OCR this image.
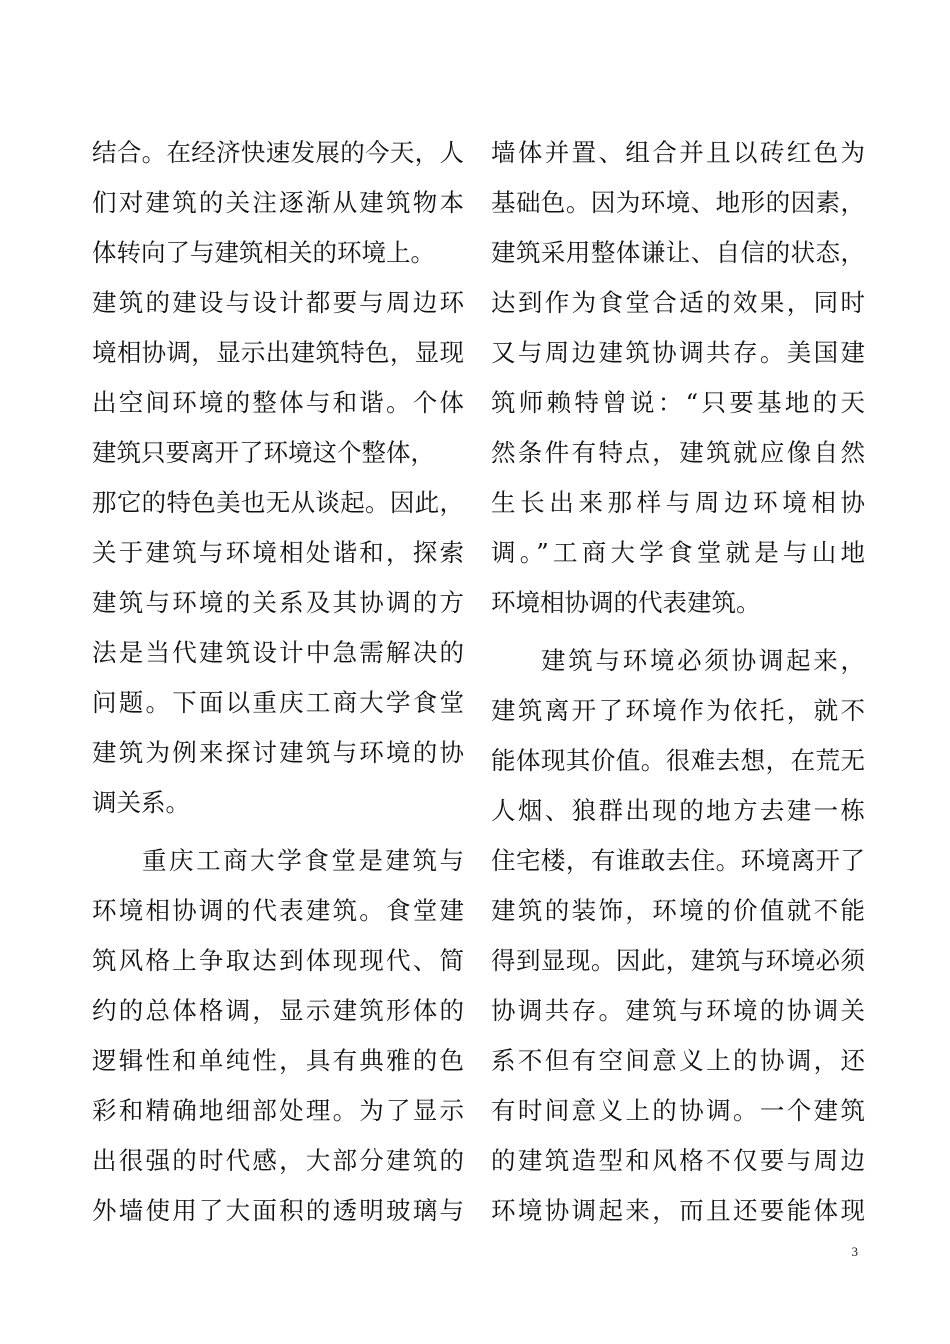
结合。在经济快速发展的今天，人
们对建筑的关注逐渐从建筑物本
体转向了与建筑相关的环境上。
建筑的建设与设计都要与周边环
境相协调，显示出建筑特色，显现
出空间环境的整体与和谐。个体
建筑只要离开了环境这个整体，
那它的特色美也无从谈起。因此，
关于建筑与环境相处谐和，探索
建筑与环境的关系及其协调的方
法是当代建筑设计中急需解决的
问题。下面以重庆工商大学食堂
建筑为例来探讨建筑与环境的协
调关系。
重庆工商大学食堂是建筑与
环境相协调的代表建筑。食堂建
筑风格上争取达到体现现代、简
约的总体格调，显示建筑形体的
逻辑性和单纯性，具有典雅的色
彩和精确地细部处理。为了显示
出很强的时代感，大部分建筑的
外墙使用了大面积的透明玻璃与
墙体并置、组合并且以砖红色为
基础色。因为环境、地形的因素，
建筑采用整体谦让、自信的状态，
达到作为食堂合适的效果，同时
又与周边建筑协调共存。美国建
筑师赖特曾说：“只要基地的天
然条件有特点，建筑就应像自然
生长出来那样与周边环境相协
调。”工商大学食堂就是与山地
环境相协调的代表建筑。
建筑与环境必须协调起来，
建筑离开了环境作为依托，就不
能体现其价值。很难去想，在荒无
人烟、狼群出现的地方去建一栋
住宅楼，有谁敢去住。环境离开了
建筑的装饰，环境的价值就不能
得到显现。因此，建筑与环境必须
协调共存。建筑与环境的协调关
系不但有空间意义上的协调，还
有时间意义上的协调。一个建筑
的建筑造型和风格不仅要与周边
环境协调起来，而且还要能体现
3
